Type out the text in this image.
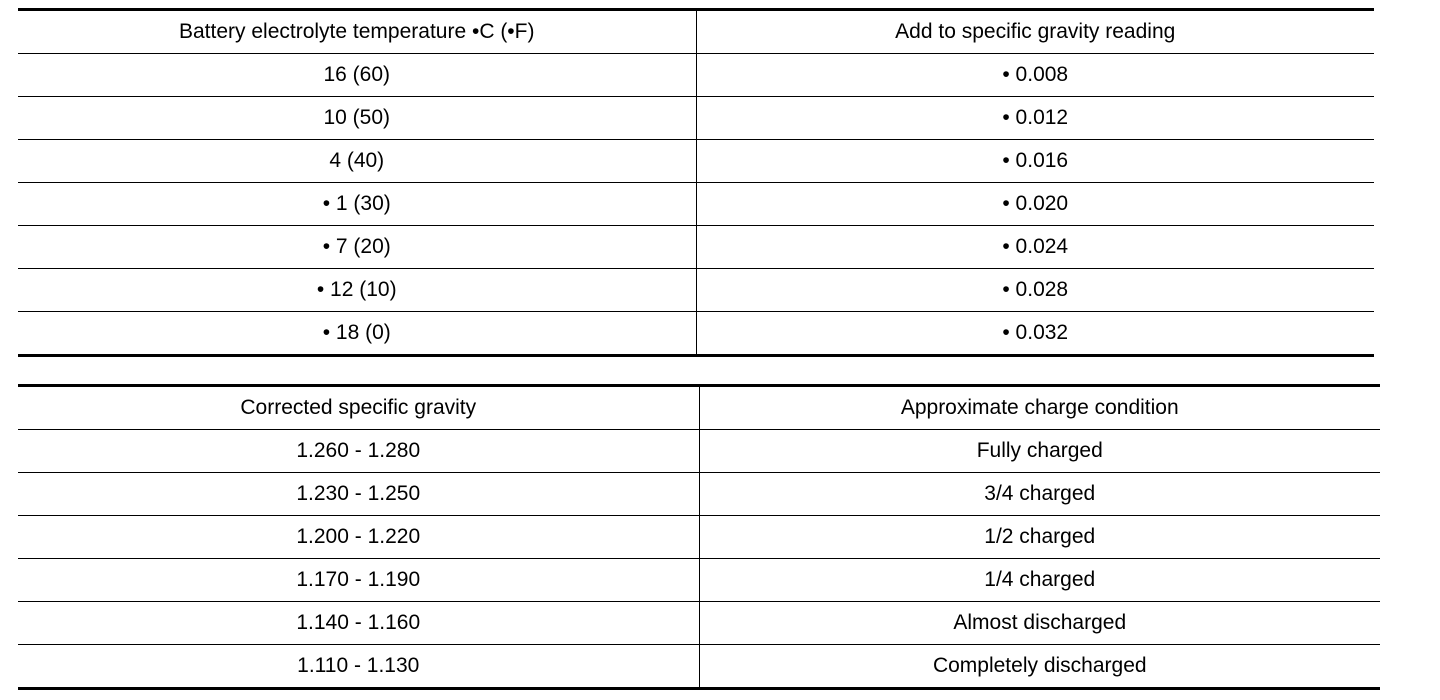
Battery electrolyte temperature •C (•F)	Add to specific gravity reading
16 (60)	• 0.008
10 (50)	• 0.012
4 (40)	• 0.016
• 1 (30)	• 0.020
• 7 (20)	• 0.024
• 12 (10)	• 0.028
• 18 (0)	• 0.032
Corrected specific gravity	Approximate charge condition
1.260 - 1.280	Fully charged
1.230 - 1.250	3/4 charged
1.200 - 1.220	1/2 charged
1.170 - 1.190	1/4 charged
1.140 - 1.160	Almost discharged
1.110 - 1.130	Completely discharged
